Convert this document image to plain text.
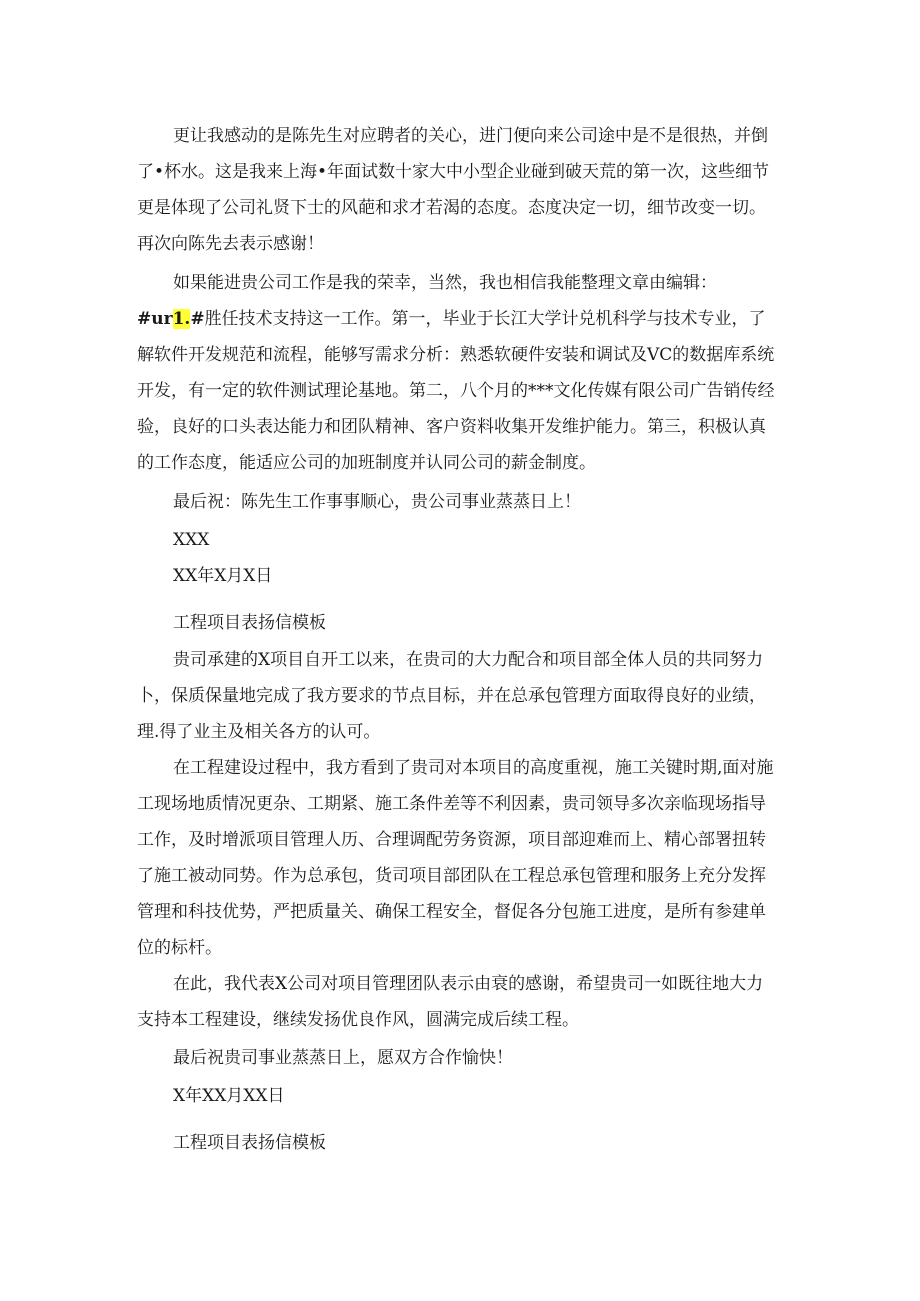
更让我感动的是陈先生对应聘者的关心，进门便向来公司途中是不是很热，并倒
了•杯水。这是我来上海•年面试数十家大中小型企业碰到破天荒的第一次，这些细节
更是体现了公司礼贤下士的风葩和求才若渴的态度。态度决定一切，细节改变一切。
再次向陈先去表示感谢！

如果能进贵公司工作是我的荣幸，当然，我也相信我能整理文章由编辑：

#ur1.#胜任技术支持这一工作。第一，毕业于长江大学计兑机科学与技术专业，了
解软件开发规范和流程，能够写需求分析：熟悉软硬件安装和调试及VC的数据库系统
开发，有一定的软件测试理论基地。第二，八个月的***文化传媒有限公司广告销传经
验，良好的口头表达能力和团队精神、客户资料收集开发维护能力。第三，积极认真
的工作态度，能适应公司的加班制度并认同公司的薪金制度。

最后祝：陈先生工作事事顺心，贵公司事业蒸蒸日上！

XXX

XX年X月X日

工程项目表扬信模板

贵司承建的X项目自开工以来，在贵司的大力配合和项目部全体人员的共同努力
卜，保质保量地完成了我方要求的节点目标，并在总承包管理方面取得良好的业绩，
理.得了业主及相关各方的认可。

在工程建设过程中，我方看到了贵司对本项目的高度重视，施工关键时期,面对施
工现场地质情况更杂、工期紧、施工条件差等不利因素，贵司领导多次亲临现场指导
工作，及时增派项目管理人历、合理调配劳务资源，项目部迎难而上、精心部署扭转
了施工被动同势。作为总承包，货司项目部团队在工程总承包管理和服务上充分发挥
管理和科技优势，严把质量关、确保工程安全，督促各分包施工进度，是所有参建单
位的标杆。

在此，我代表X公司对项目管理团队表示由衰的感谢，希望贵司一如既往地大力
支持本工程建设，继续发扬优良作风，圆满完成后续工程。

最后祝贵司事业蒸蒸日上，愿双方合作愉快！

X年XX月XX日

工程项目表扬信模板
